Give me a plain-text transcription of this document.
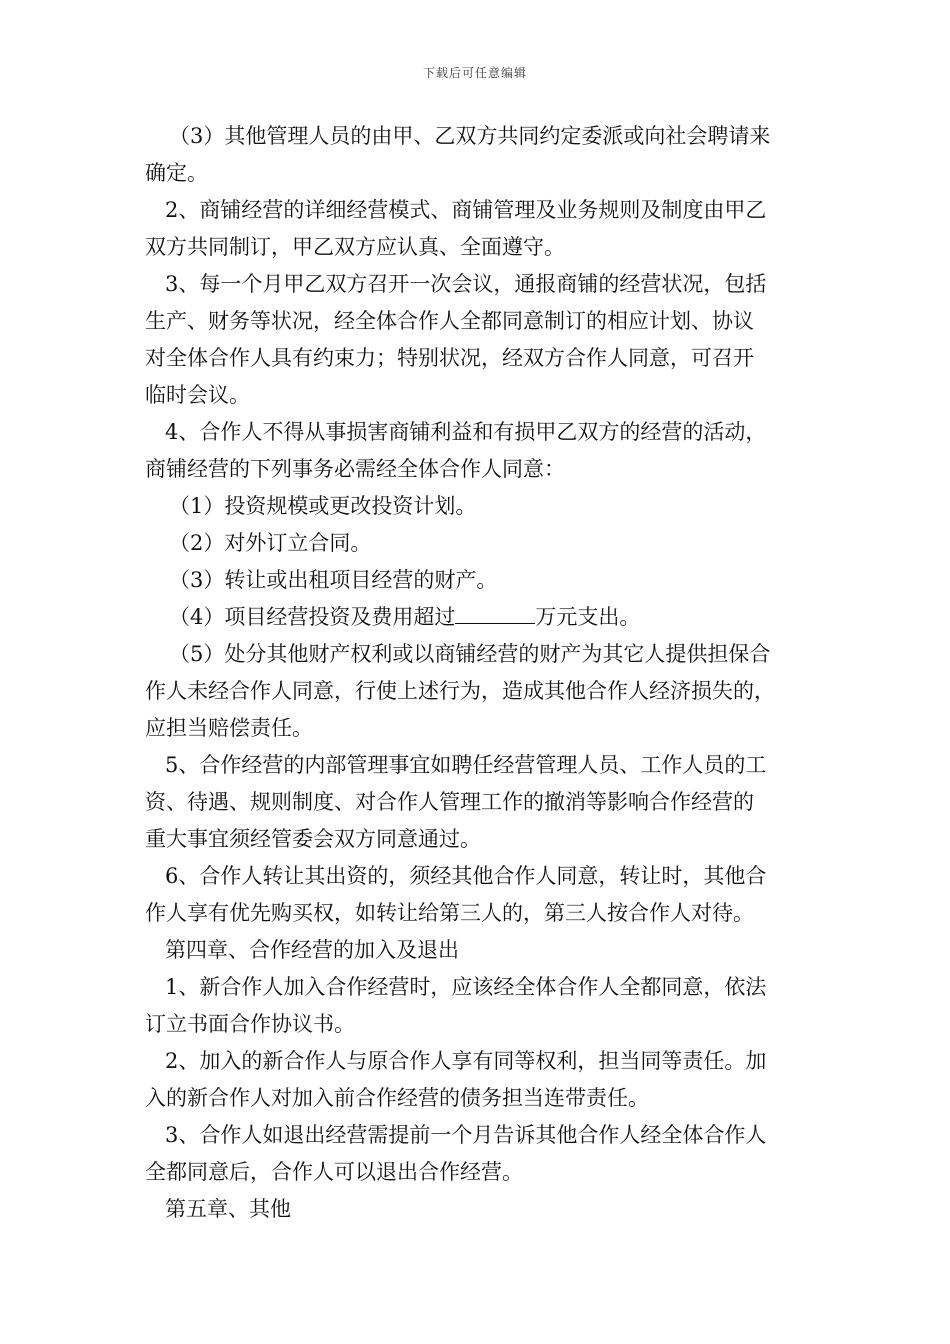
下载后可任意编辑
（3）其他管理人员的由甲、乙双方共同约定委派或向社会聘请来
确定。
2、商铺经营的详细经营模式、商铺管理及业务规则及制度由甲乙
双方共同制订，甲乙双方应认真、全面遵守。
3、每一个月甲乙双方召开一次会议，通报商铺的经营状况，包括
生产、财务等状况，经全体合作人全都同意制订的相应计划、协议
对全体合作人具有约束力；特别状况，经双方合作人同意，可召开
临时会议。
4、合作人不得从事损害商铺利益和有损甲乙双方的经营的活动，
商铺经营的下列事务必需经全体合作人同意：
（1）投资规模或更改投资计划。
（2）对外订立合同。
（3）转让或出租项目经营的财产。
（4）项目经营投资及费用超过	万元支出。
（5）处分其他财产权利或以商铺经营的财产为其它人提供担保合
作人未经合作人同意，行使上述行为，造成其他合作人经济损失的，
应担当赔偿责任。
5、合作经营的内部管理事宜如聘任经营管理人员、工作人员的工
资、待遇、规则制度、对合作人管理工作的撤消等影响合作经营的
重大事宜须经管委会双方同意通过。
6、合作人转让其出资的，须经其他合作人同意，转让时，其他合
作人享有优先购买权，如转让给第三人的，第三人按合作人对待。
第四章、合作经营的加入及退出
1、新合作人加入合作经营时，应该经全体合作人全都同意，依法
订立书面合作协议书。
2、加入的新合作人与原合作人享有同等权利，担当同等责任。加
入的新合作人对加入前合作经营的债务担当连带责任。
3、合作人如退出经营需提前一个月告诉其他合作人经全体合作人
全都同意后，合作人可以退出合作经营。
第五章、其他
